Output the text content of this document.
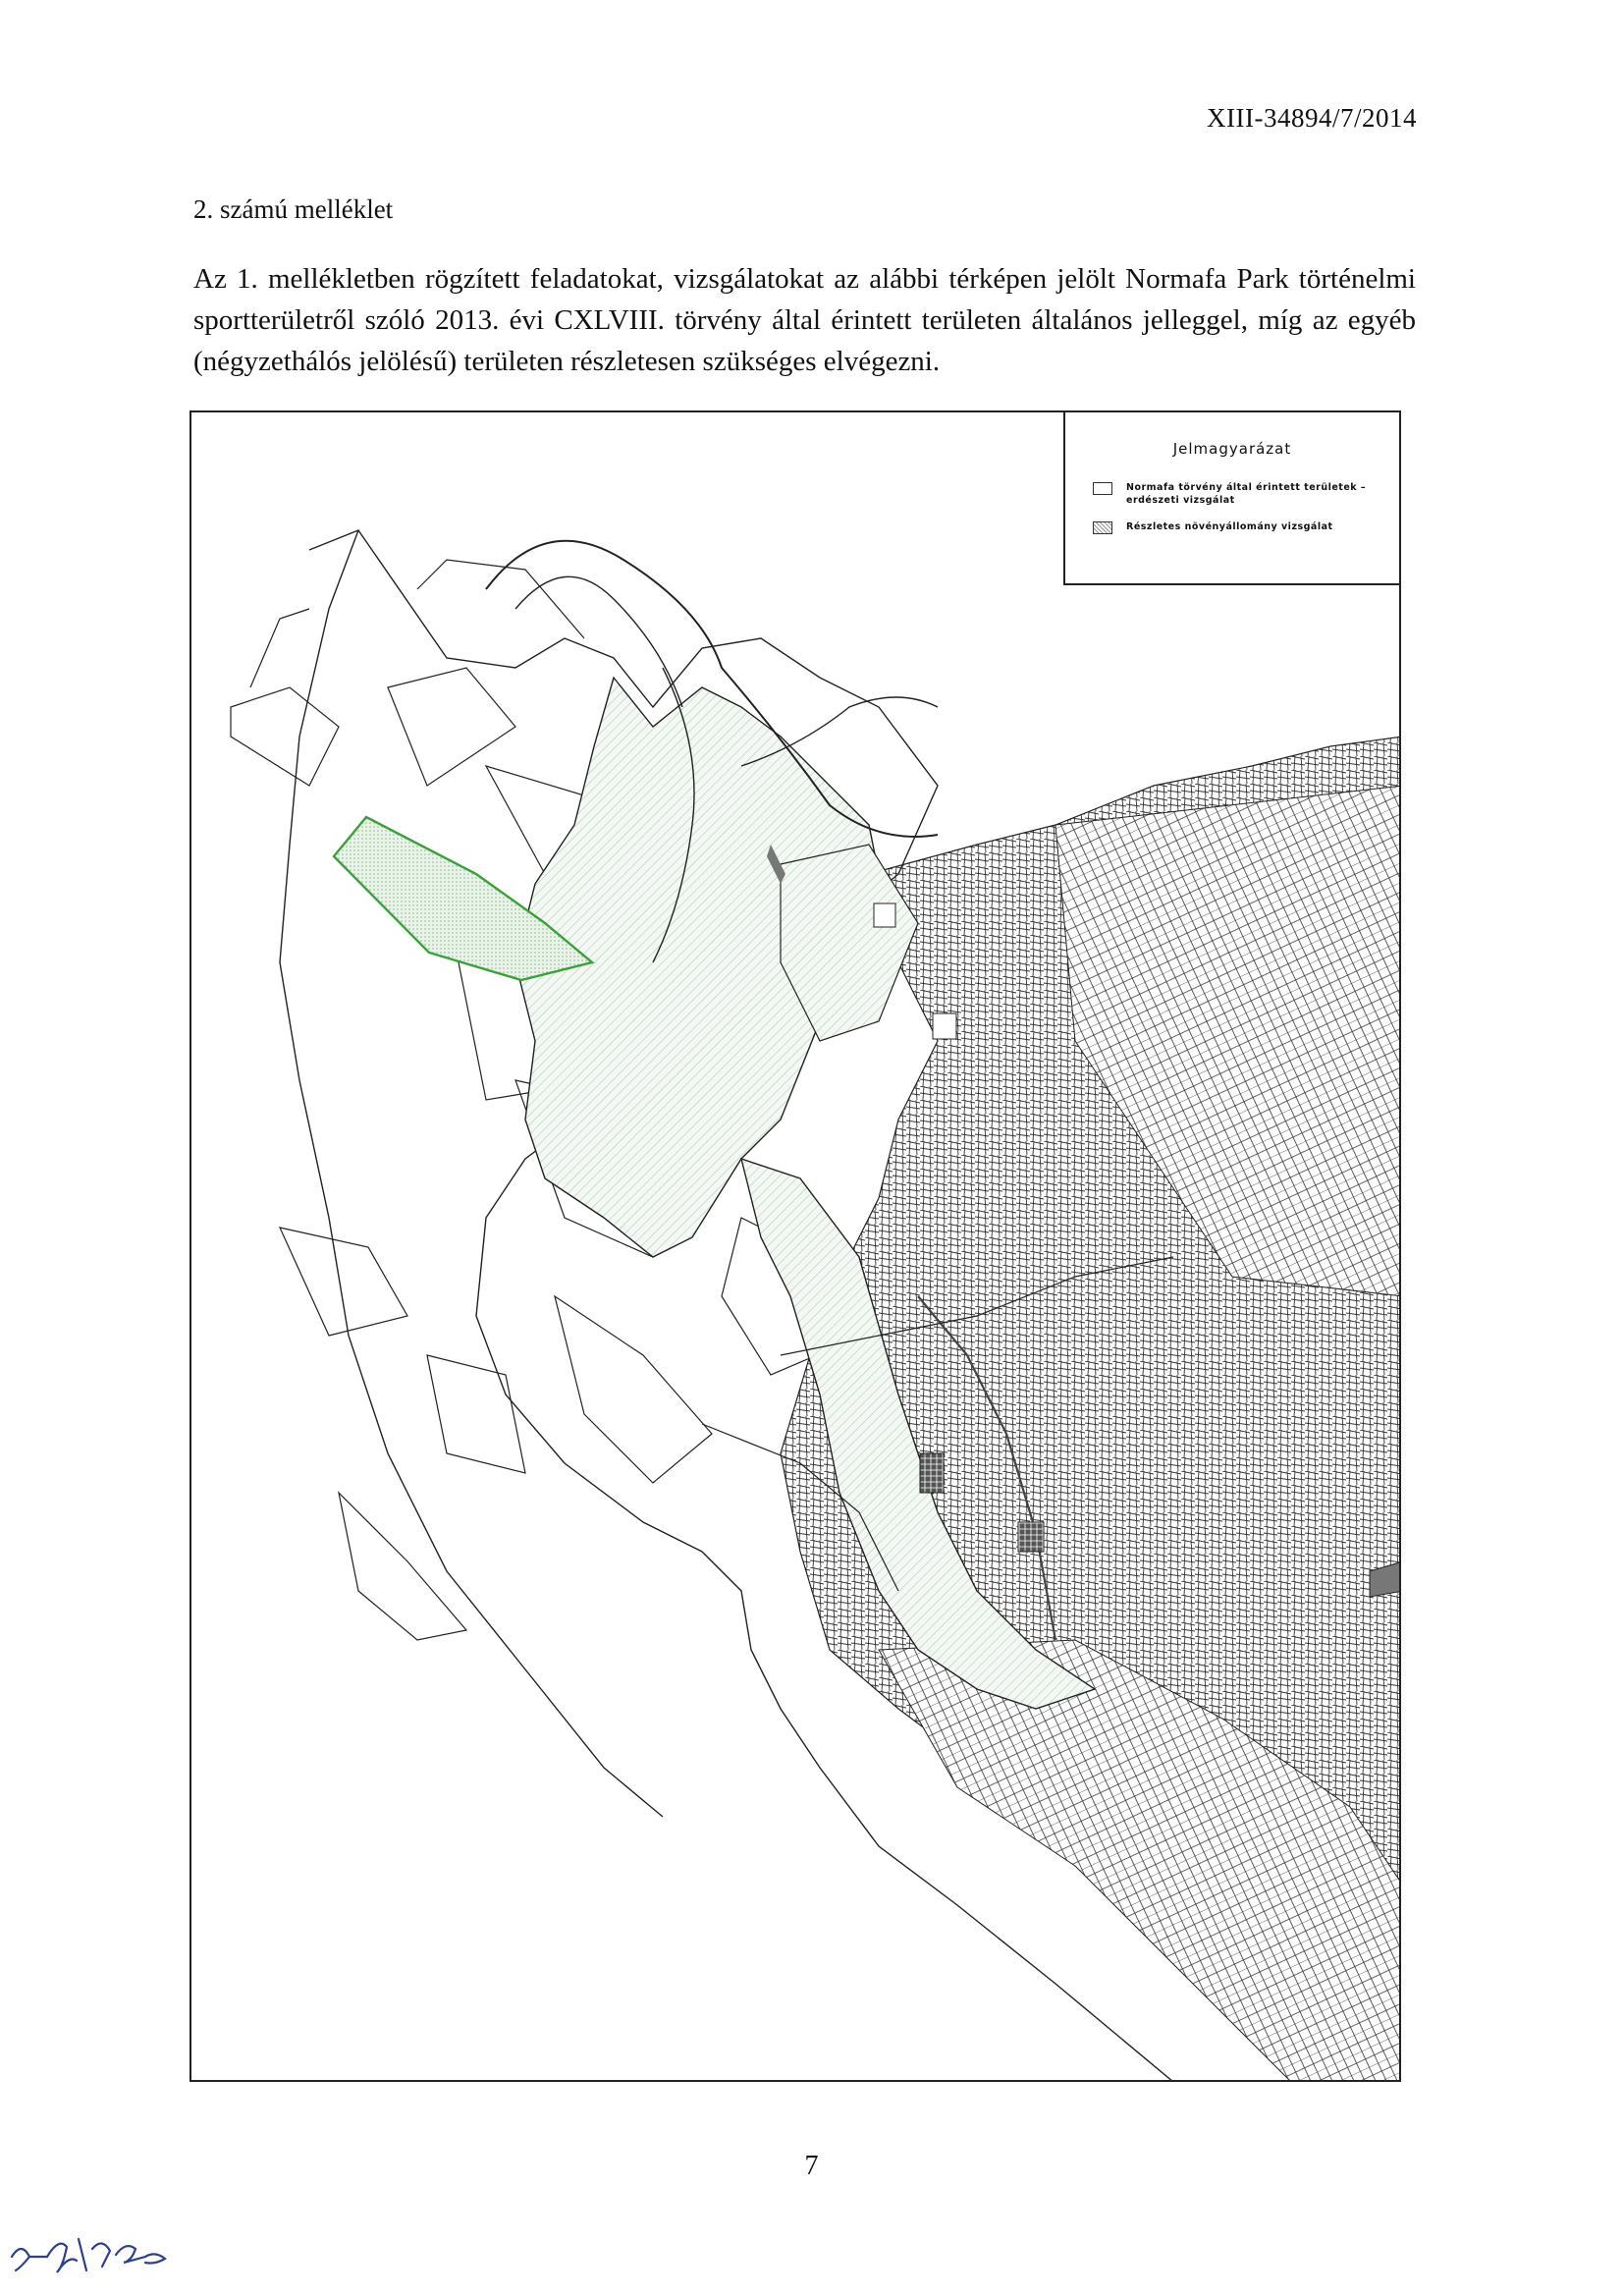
XIII-34894/7/2014
2. számú melléklet
Az 1. mellékletben rögzített feladatokat, vizsgálatokat az alábbi térképen jelölt Normafa Park történelmi sportterületről szóló 2013. évi CXLVIII. törvény által érintett területen általános jelleggel, míg az egyéb (négyzethálós jelölésű) területen részletesen szükséges elvégezni.
Jelmagyarázat
Normafa törvény által érintett területek – erdészeti vizsgálat
Részletes növényállomány vizsgálat
7
